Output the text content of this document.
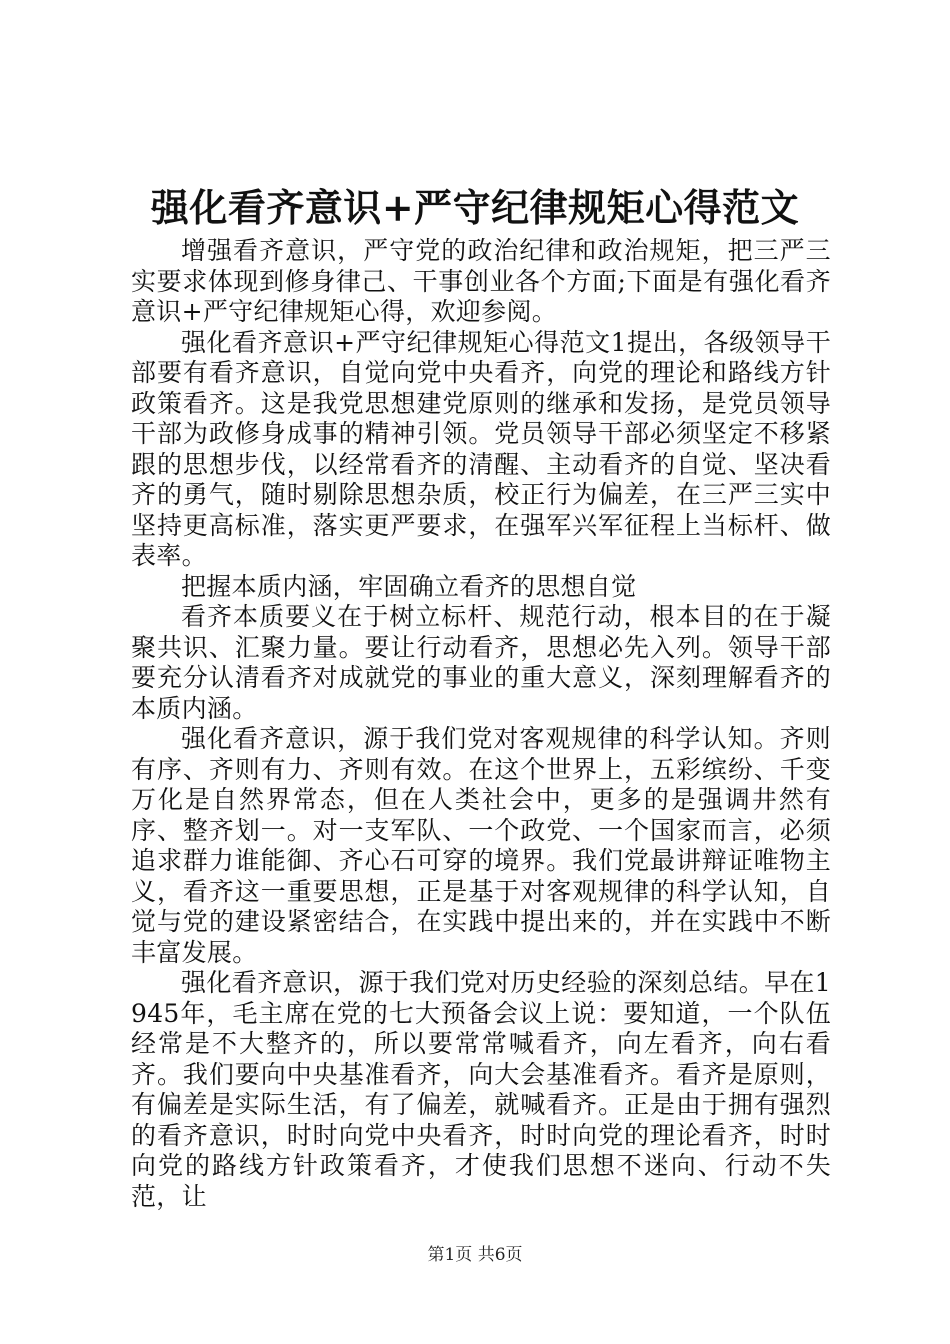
强化看齐意识+严守纪律规矩心得范文

增强看齐意识，严守党的政治纪律和政治规矩，把三严三实要求体现到修身律己、干事创业各个方面;下面是有强化看齐意识+严守纪律规矩心得，欢迎参阅。

强化看齐意识+严守纪律规矩心得范文1提出，各级领导干部要有看齐意识，自觉向党中央看齐，向党的理论和路线方针政策看齐。这是我党思想建党原则的继承和发扬，是党员领导干部为政修身成事的精神引领。党员领导干部必须坚定不移紧跟的思想步伐，以经常看齐的清醒、主动看齐的自觉、坚决看齐的勇气，随时剔除思想杂质，校正行为偏差，在三严三实中坚持更高标准，落实更严要求，在强军兴军征程上当标杆、做表率。

把握本质内涵，牢固确立看齐的思想自觉

看齐本质要义在于树立标杆、规范行动，根本目的在于凝聚共识、汇聚力量。要让行动看齐，思想必先入列。领导干部要充分认清看齐对成就党的事业的重大意义，深刻理解看齐的本质内涵。

强化看齐意识，源于我们党对客观规律的科学认知。齐则有序、齐则有力、齐则有效。在这个世界上，五彩缤纷、千变万化是自然界常态，但在人类社会中，更多的是强调井然有序、整齐划一。对一支军队、一个政党、一个国家而言，必须追求群力谁能御、齐心石可穿的境界。我们党最讲辩证唯物主义，看齐这一重要思想，正是基于对客观规律的科学认知，自觉与党的建设紧密结合，在实践中提出来的，并在实践中不断丰富发展。

强化看齐意识，源于我们党对历史经验的深刻总结。早在1945年，毛主席在党的七大预备会议上说：要知道，一个队伍经常是不大整齐的，所以要常常喊看齐，向左看齐，向右看齐。我们要向中央基准看齐，向大会基准看齐。看齐是原则，有偏差是实际生活，有了偏差，就喊看齐。正是由于拥有强烈的看齐意识，时时向党中央看齐，时时向党的理论看齐，时时向党的路线方针政策看齐，才使我们思想不迷向、行动不失范，让

第1页 共6页
